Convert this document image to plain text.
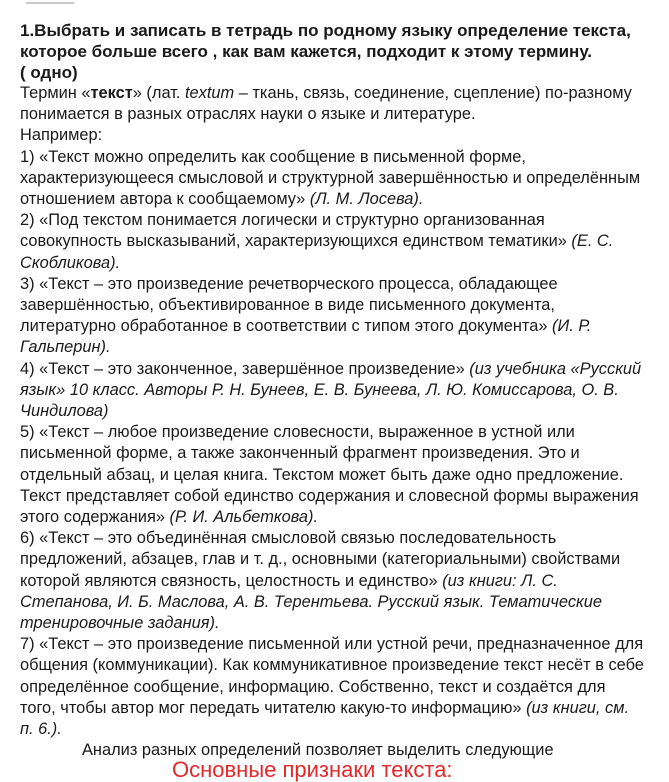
1.Выбрать и записать в тетрадь по родному языку определение текста, которое больше всего , как вам кажется, подходит к этому термину.
( одно)

Термин «текст» (лат. textum – ткань, связь, соединение, сцепление) по-разному понимается в разных отраслях науки о языке и литературе.

Например:

1) «Текст можно определить как сообщение в письменной форме, характеризующееся смысловой и структурной завершённостью и определённым отношением автора к сообщаемому» (Л. М. Лосева).

2) «Под текстом понимается логически и структурно организованная совокупность высказываний, характеризующихся единством тематики» (Е. С. Скобликова).

3) «Текст – это произведение речетворческого процесса, обладающее завершённостью, объективированное в виде письменного документа, литературно обработанное в соответствии с типом этого документа» (И. Р. Гальперин).

4) «Текст – это законченное, завершённое произведение» (из учебника «Русский язык» 10 класс. Авторы Р. Н. Бунеев, Е. В. Бунеева, Л. Ю. Комиссарова, О. В. Чиндилова)

5) «Текст – любое произведение словесности, выраженное в устной или письменной форме, а также законченный фрагмент произведения. Это и отдельный абзац, и целая книга. Текстом может быть даже одно предложение. Текст представляет собой единство содержания и словесной формы выражения этого содержания» (Р. И. Альбеткова).

6) «Текст – это объединённая смысловой связью последовательность предложений, абзацев, глав и т. д., основными (категориальными) свойствами которой являются связность, целостность и единство» (из книги: Л. С. Степанова, И. Б. Маслова, А. В. Терентьева. Русский язык. Тематические тренировочные задания).

7) «Текст – это произведение письменной или устной речи, предназначенное для общения (коммуникации). Как коммуникативное произведение текст несёт в себе определённое сообщение, информацию. Собственно, текст и создаётся для того, чтобы автор мог передать читателю какую-то информацию» (из книги, см. п. 6.).

Анализ разных определений позволяет выделить следующие
Основные признаки текста:
